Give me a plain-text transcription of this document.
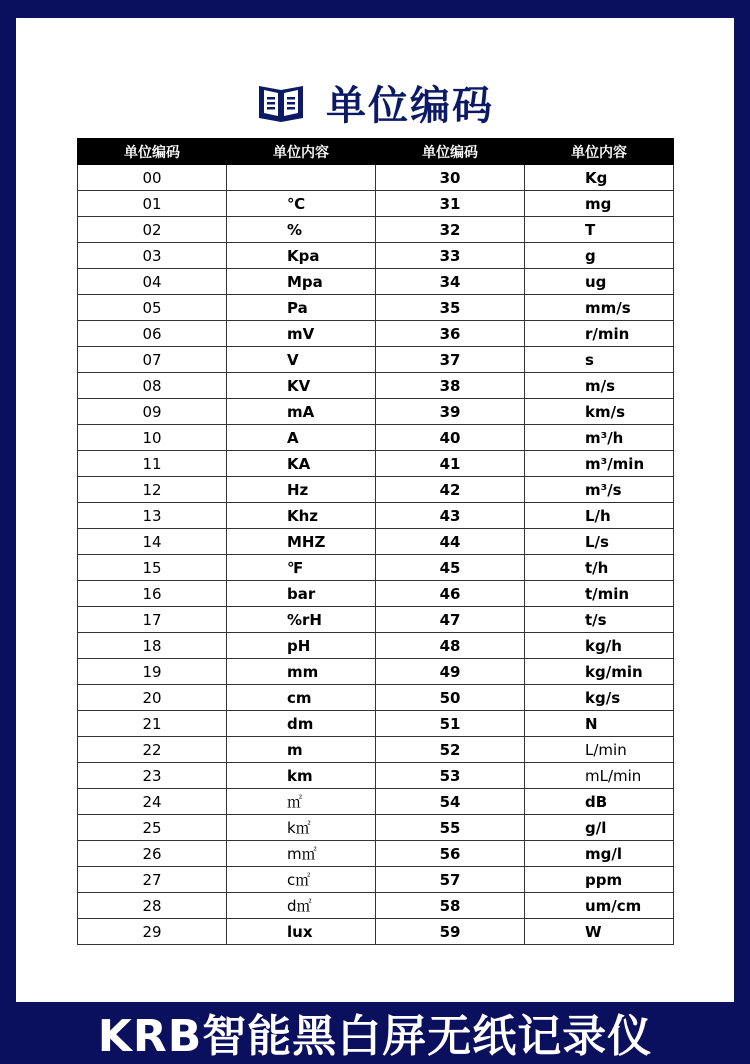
单位编码
单位编码	单位内容	单位编码	单位内容
00		30	Kg
01	℃	31	mg
02	%	32	T
03	Kpa	33	g
04	Mpa	34	ug
05	Pa	35	mm/s
06	mV	36	r/min
07	V	37	s
08	KV	38	m/s
09	mA	39	km/s
10	A	40	m³/h
11	KA	41	m³/min
12	Hz	42	m³/s
13	Khz	43	L/h
14	MHZ	44	L/s
15	℉	45	t/h
16	bar	46	t/min
17	%rH	47	t/s
18	pH	48	kg/h
19	mm	49	kg/min
20	cm	50	kg/s
21	dm	51	N
22	m	52	L/min
23	km	53	mL/min
24	㎡	54	dB
25	k㎡	55	g/l
26	m㎡	56	mg/l
27	c㎡	57	ppm
28	d㎡	58	um/cm
29	lux	59	W
KRB智能黑白屏无纸记录仪
